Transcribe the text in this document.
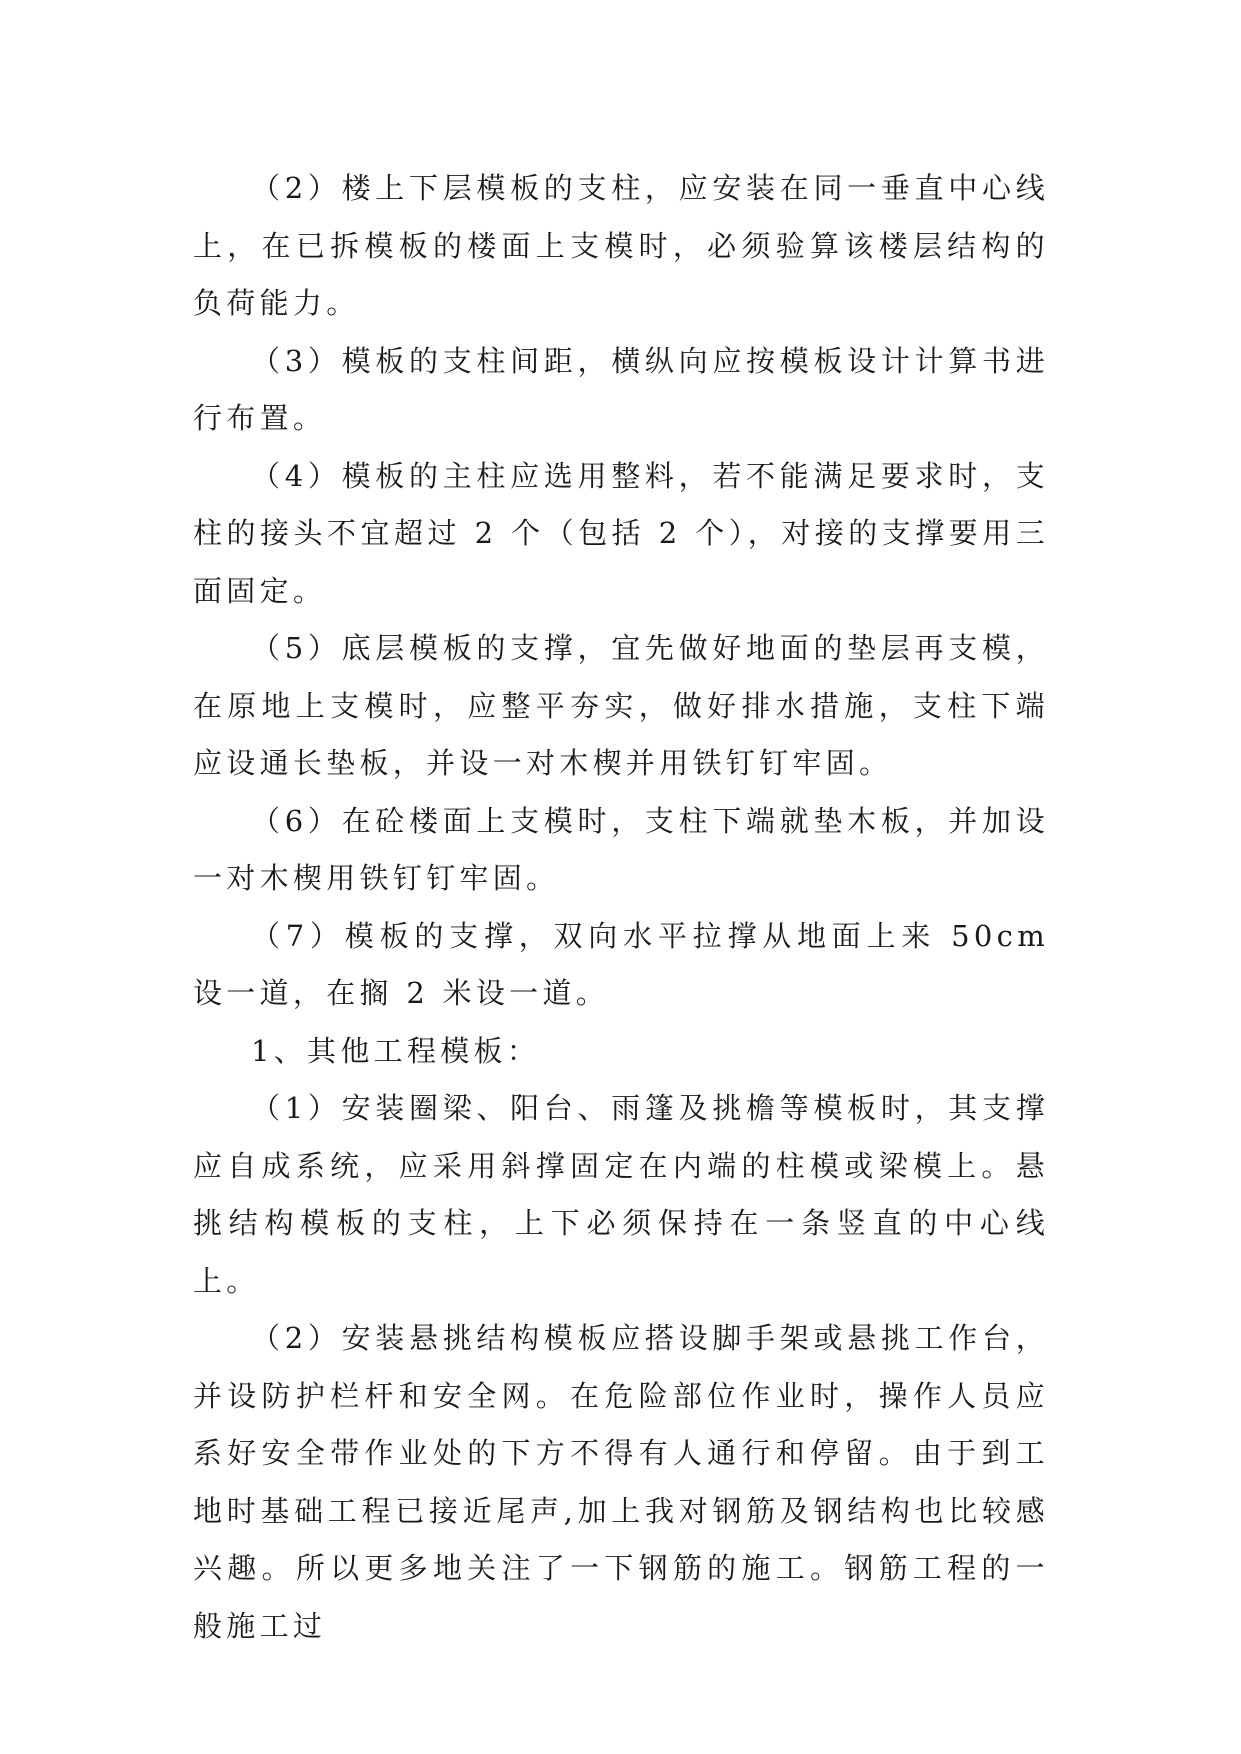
（2）楼上下层模板的支柱，应安装在同一垂直中心线上，在已拆模板的楼面上支模时，必须验算该楼层结构的负荷能力。

（3）模板的支柱间距，横纵向应按模板设计计算书进行布置。

（4）模板的主柱应选用整料，若不能满足要求时，支柱的接头不宜超过 2 个（包括 2 个），对接的支撑要用三面固定。

（5）底层模板的支撑，宜先做好地面的垫层再支模，在原地上支模时，应整平夯实，做好排水措施，支柱下端应设通长垫板，并设一对木楔并用铁钉钉牢固。

（6）在砼楼面上支模时，支柱下端就垫木板，并加设一对木楔用铁钉钉牢固。

（7）模板的支撑，双向水平拉撑从地面上来 50cm 设一道，在搁 2 米设一道。

1、其他工程模板：

（1）安装圈梁、阳台、雨篷及挑檐等模板时，其支撑应自成系统，应采用斜撑固定在内端的柱模或梁模上。悬挑结构模板的支柱，上下必须保持在一条竖直的中心线上。

（2）安装悬挑结构模板应搭设脚手架或悬挑工作台，并设防护栏杆和安全网。在危险部位作业时，操作人员应系好安全带作业处的下方不得有人通行和停留。由于到工地时基础工程已接近尾声,加上我对钢筋及钢结构也比较感兴趣。所以更多地关注了一下钢筋的施工。钢筋工程的一般施工过
